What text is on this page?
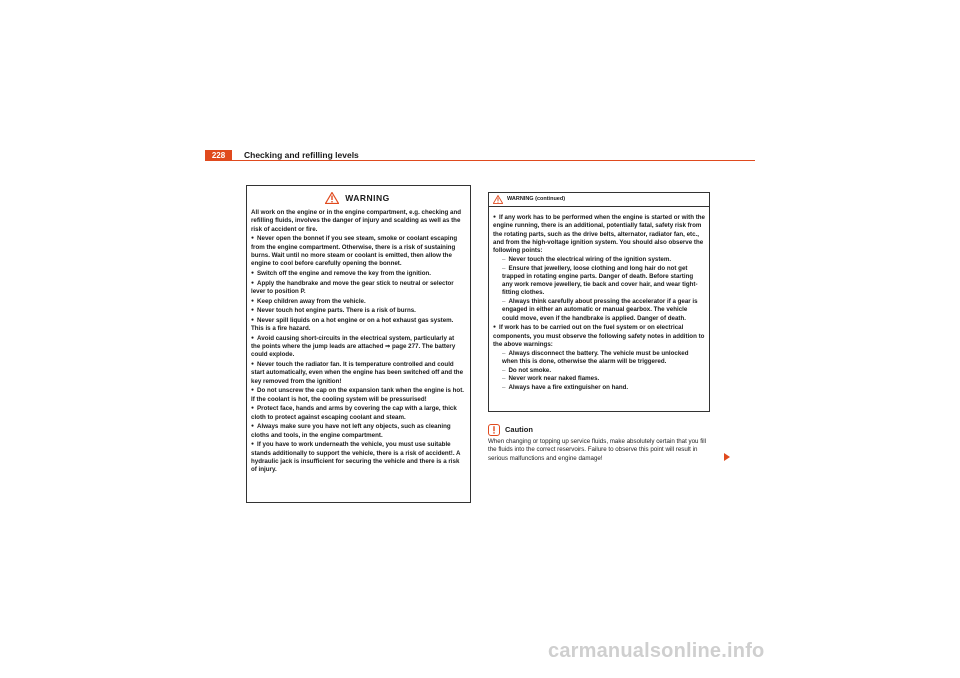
228	Checking and refilling levels
WARNING

All work on the engine or in the engine compartment, e.g. checking and refilling fluids, involves the danger of injury and scalding as well as the risk of accident or fire.

● Never open the bonnet if you see steam, smoke or coolant escaping from the engine compartment. Otherwise, there is a risk of sustaining burns. Wait until no more steam or coolant is emitted, then allow the engine to cool before carefully opening the bonnet.

● Switch off the engine and remove the key from the ignition.

● Apply the handbrake and move the gear stick to neutral or selector lever to position P.

● Keep children away from the vehicle.

● Never touch hot engine parts. There is a risk of burns.

● Never spill liquids on a hot engine or on a hot exhaust gas system. This is a fire hazard.

● Avoid causing short-circuits in the electrical system, particularly at the points where the jump leads are attached ⇒ page 277. The battery could explode.

● Never touch the radiator fan. It is temperature controlled and could start automatically, even when the engine has been switched off and the key removed from the ignition!

● Do not unscrew the cap on the expansion tank when the engine is hot. If the coolant is hot, the cooling system will be pressurised!

● Protect face, hands and arms by covering the cap with a large, thick cloth to protect against escaping coolant and steam.

● Always make sure you have not left any objects, such as cleaning cloths and tools, in the engine compartment.

● If you have to work underneath the vehicle, you must use suitable stands additionally to support the vehicle, there is a risk of accident!. A hydraulic jack is insufficient for securing the vehicle and there is a risk of injury.

WARNING (continued)

● If any work has to be performed when the engine is started or with the engine running, there is an additional, potentially fatal, safety risk from the rotating parts, such as the drive belts, alternator, radiator fan, etc., and from the high-voltage ignition system. You should also observe the following points:

– Never touch the electrical wiring of the ignition system.

– Ensure that jewellery, loose clothing and long hair do not get trapped in rotating engine parts. Danger of death. Before starting any work remove jewellery, tie back and cover hair, and wear tight-fitting clothes.

– Always think carefully about pressing the accelerator if a gear is engaged in either an automatic or manual gearbox. The vehicle could move, even if the handbrake is applied. Danger of death.

● If work has to be carried out on the fuel system or on electrical components, you must observe the following safety notes in addition to the above warnings:

– Always disconnect the battery. The vehicle must be unlocked when this is done, otherwise the alarm will be triggered.

– Do not smoke.

– Never work near naked flames.

– Always have a fire extinguisher on hand.

Caution

When changing or topping up service fluids, make absolutely certain that you fill the fluids into the correct reservoirs. Failure to observe this point will result in serious malfunctions and engine damage!

carmanualsonline.info
